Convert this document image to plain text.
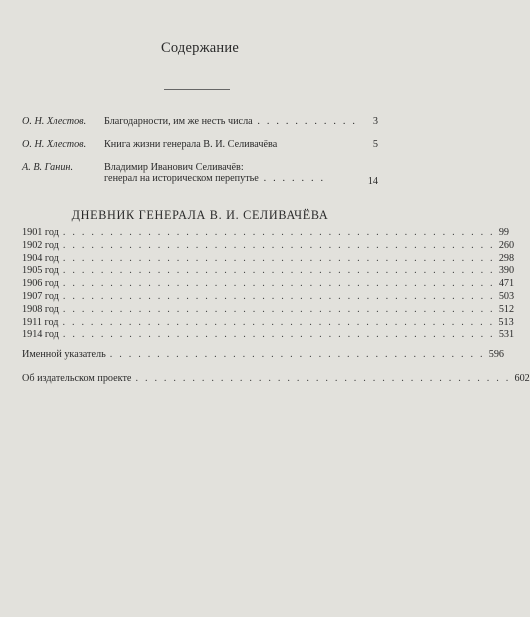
Содержание
О. Н. Хлестов.	Благодарности, им же несть числа . . . . . . . . . . .	3
О. Н. Хлестов.	Книга жизни генерала В. И. Селивачёва	5
А. В. Ганин.	Владимир Иванович Селивачёв:
генерал на историческом перепутье . . . . . . .	14
ДНЕВНИК ГЕНЕРАЛА В. И. СЕЛИВАЧЁВА
1901 год . . . . . . . . . . . . . . . . . . . . . . . . . . . . . . . . . . . . . . . . . . . . . . 99
1902 год . . . . . . . . . . . . . . . . . . . . . . . . . . . . . . . . . . . . . . . . . . . . . . 260
1904 год . . . . . . . . . . . . . . . . . . . . . . . . . . . . . . . . . . . . . . . . . . . . . . 298
1905 год . . . . . . . . . . . . . . . . . . . . . . . . . . . . . . . . . . . . . . . . . . . . . . 390
1906 год . . . . . . . . . . . . . . . . . . . . . . . . . . . . . . . . . . . . . . . . . . . . . . 471
1907 год . . . . . . . . . . . . . . . . . . . . . . . . . . . . . . . . . . . . . . . . . . . . . . 503
1908 год . . . . . . . . . . . . . . . . . . . . . . . . . . . . . . . . . . . . . . . . . . . . . . 512
1911 год . . . . . . . . . . . . . . . . . . . . . . . . . . . . . . . . . . . . . . . . . . . . . . 513
1914 год . . . . . . . . . . . . . . . . . . . . . . . . . . . . . . . . . . . . . . . . . . . . . . 531
Именной указатель . . . . . . . . . . . . . . . . . . . . . . . . . . . . . . . . . . . . . . . . 596
Об издательском проекте . . . . . . . . . . . . . . . . . . . . . . . . . . . . . . . . . . . . . . . . 602
